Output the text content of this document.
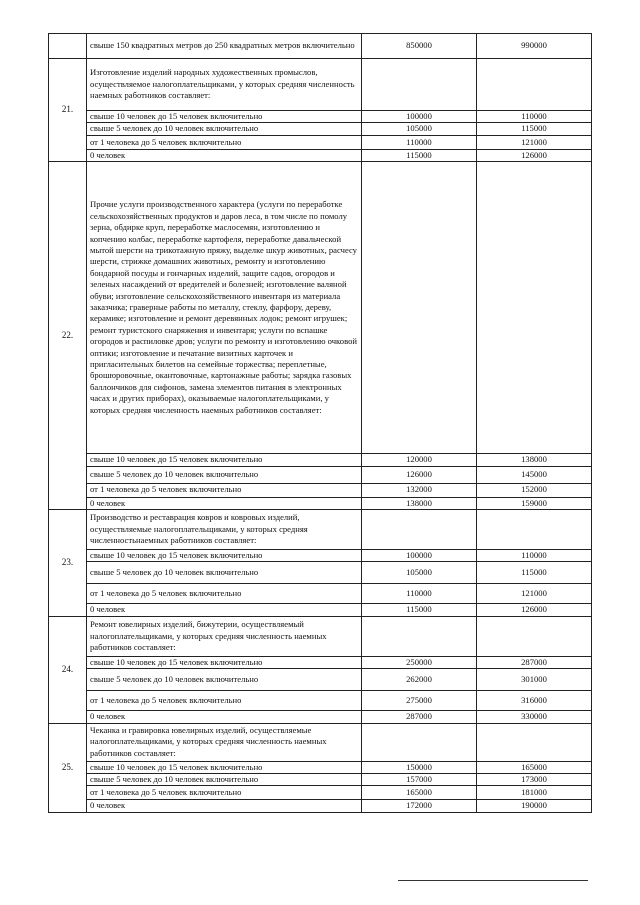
	свыше 150 квадратных метров до 250 квадратных метров включительно	850000	990000
21.	Изготовление изделий народных художественных промыслов, осуществляемое налогоплательщиками, у которых средняя численность наемных работников составляет:		
	свыше 10 человек до 15 человек включительно	100000	110000
	свыше 5 человек до 10 человек включительно	105000	115000
	от 1 человека до 5 человек включительно	110000	121000
	0 человек	115000	126000
22.	Прочие услуги производственного характера (услуги по переработке сельскохозяйственных продуктов и даров леса, в том числе по помолу зерна, обдирке круп, переработке маслосемян, изготовлению и копчению колбас, переработке картофеля, переработке давальческой мытой шерсти на трикотажную пряжу, выделке шкур животных, расчесу шерсти, стрижке домашних животных, ремонту и изготовлению бондарной посуды и гончарных изделий, защите садов, огородов и зеленых насаждений от вредителей и болезней; изготовление валяной обуви; изготовление сельскохозяйственного инвентаря из материала заказчика; граверные работы по металлу, стеклу, фарфору, дереву, керамике; изготовление и ремонт деревянных лодок; ремонт игрушек; ремонт туристского снаряжения и инвентаря; услуги по вспашке огородов и распиловке дров; услуги по ремонту и изготовлению очковой оптики; изготовление и печатание визитных карточек и пригласительных билетов на семейные торжества; переплетные, брошюровочные, окантовочные, картонажные работы; зарядка газовых баллончиков для сифонов, замена элементов питания в электронных часах и других приборах), оказываемые налогоплательщиками, у которых средняя численность наемных работников составляет:		
	свыше 10 человек до 15 человек включительно	120000	138000
	свыше 5 человек до 10 человек включительно	126000	145000
	от 1 человека до 5 человек включительно	132000	152000
	0 человек	138000	159000
23.	Производство и реставрация ковров и ковровых изделий, осуществляемые налогоплательщиками, у которых средняя численностьнаемных работников составляет:		
	свыше 10 человек до 15 человек включительно	100000	110000
	свыше 5 человек до 10 человек включительно	105000	115000
	от 1 человека до 5 человек включительно	110000	121000
	0 человек	115000	126000
24.	Ремонт ювелирных изделий, бижутерии, осуществляемый налогоплательщиками, у которых средняя численность наемных работников составляет:		
	свыше 10 человек до 15 человек включительно	250000	287000
	свыше 5 человек до 10 человек включительно	262000	301000
	от 1 человека до 5 человек включительно	275000	316000
	0 человек	287000	330000
25.	Чеканка и гравировка ювелирных изделий, осуществляемые налогоплательщиками, у которых средняя численность наемных работников составляет:		
	свыше 10 человек до 15 человек включительно	150000	165000
	свыше 5 человек до 10 человек включительно	157000	173000
	от 1 человека до 5 человек включительно	165000	181000
	0 человек	172000	190000
